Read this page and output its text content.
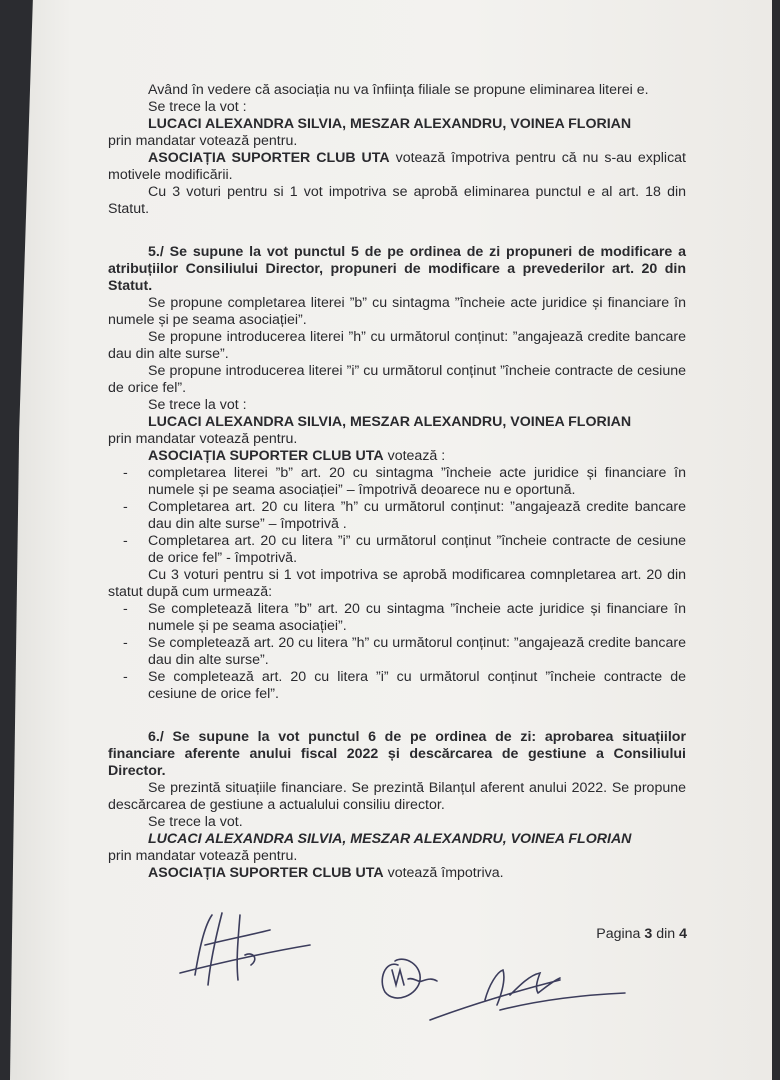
Având în vedere că asociația nu va înființa filiale se propune eliminarea literei e.

Se trece la vot :

LUCACI ALEXANDRA SILVIA, MESZAR ALEXANDRU, VOINEA FLORIAN

prin mandatar votează pentru.

ASOCIAȚIA SUPORTER CLUB UTA votează împotriva pentru că nu s-au explicat motivele modificării.

Cu 3 voturi pentru si 1 vot impotriva se aprobă eliminarea punctul e al art. 18 din Statut.

5./ Se supune la vot punctul 5 de pe ordinea de zi propuneri de modificare a atribuțiilor Consiliului Director, propuneri de modificare a prevederilor art. 20 din Statut.

Se propune completarea literei ”b” cu sintagma ”încheie acte juridice și financiare în numele și pe seama asociației”.

Se propune introducerea literei ”h” cu următorul conținut: ”angajează credite bancare dau din alte surse”.

Se propune introducerea literei ”i” cu următorul conținut ”încheie contracte de cesiune de orice fel”.

Se trece la vot :

LUCACI ALEXANDRA SILVIA, MESZAR ALEXANDRU, VOINEA FLORIAN

prin mandatar votează pentru.

ASOCIAȚIA SUPORTER CLUB UTA votează :

- completarea literei ”b” art. 20 cu sintagma ”încheie acte juridice și financiare în numele și pe seama asociației” – împotrivă deoarece nu e oportună.
- Completarea art. 20 cu litera ”h” cu următorul conținut: ”angajează credite bancare dau din alte surse” – împotrivă .
- Completarea art. 20 cu litera ”i” cu următorul conținut ”încheie contracte de cesiune de orice fel” - împotrivă.

Cu 3 voturi pentru si 1 vot impotriva se aprobă modificarea comnpletarea art. 20 din statut după cum urmează:

- Se completează litera ”b” art. 20 cu sintagma ”încheie acte juridice și financiare în numele și pe seama asociației”.
- Se completează art. 20 cu litera ”h” cu următorul conținut: ”angajează credite bancare dau din alte surse”.
- Se completează art. 20 cu litera ”i” cu următorul conținut ”încheie contracte de cesiune de orice fel”.

6./ Se supune la vot punctul 6 de pe ordinea de zi: aprobarea situațiilor financiare aferente anului fiscal 2022 și descărcarea de gestiune a Consiliului Director.

Se prezintă situațiile financiare. Se prezintă Bilanțul aferent anului 2022. Se propune descărcarea de gestiune a actualului consiliu director.

Se trece la vot.

LUCACI ALEXANDRA SILVIA, MESZAR ALEXANDRU, VOINEA FLORIAN

prin mandatar votează pentru.

ASOCIAȚIA SUPORTER CLUB UTA votează împotriva.

Pagina 3 din 4
